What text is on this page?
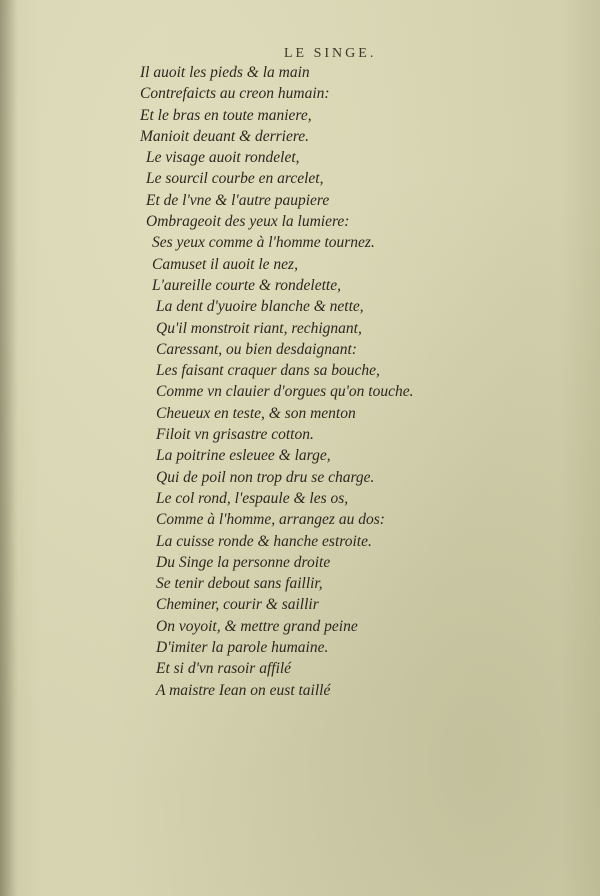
LE SINGE.
Il auoit les pieds & la main
Contrefaicts au creon humain:
Et le bras en toute maniere,
Manioit deuant & derriere.
Le visage auoit rondelet,
Le sourcil courbe en arcelet,
Et de l'vne & l'autre paupiere
Ombrageoit des yeux la lumiere:
Ses yeux comme à l'homme tournez.
Camuset il auoit le nez,
L'aureille courte & rondelette,
La dent d'yuoire blanche & nette,
Qu'il monstroit riant, rechignant,
Caressant, ou bien desdaignant:
Les faisant craquer dans sa bouche,
Comme vn clauier d'orgues qu'on touche.
Cheueux en teste, & son menton
Filoit vn grisastre cotton.
La poitrine esleuee & large,
Qui de poil non trop dru se charge.
Le col rond, l'espaule & les os,
Comme à l'homme, arrangez au dos:
La cuisse ronde & hanche estroite.
Du Singe la personne droite
Se tenir debout sans faillir,
Cheminer, courir & saillir
On voyoit, & mettre grand peine
D'imiter la parole humaine.
Et si d'vn rasoir affilé
A maistre Iean on eust taillé
